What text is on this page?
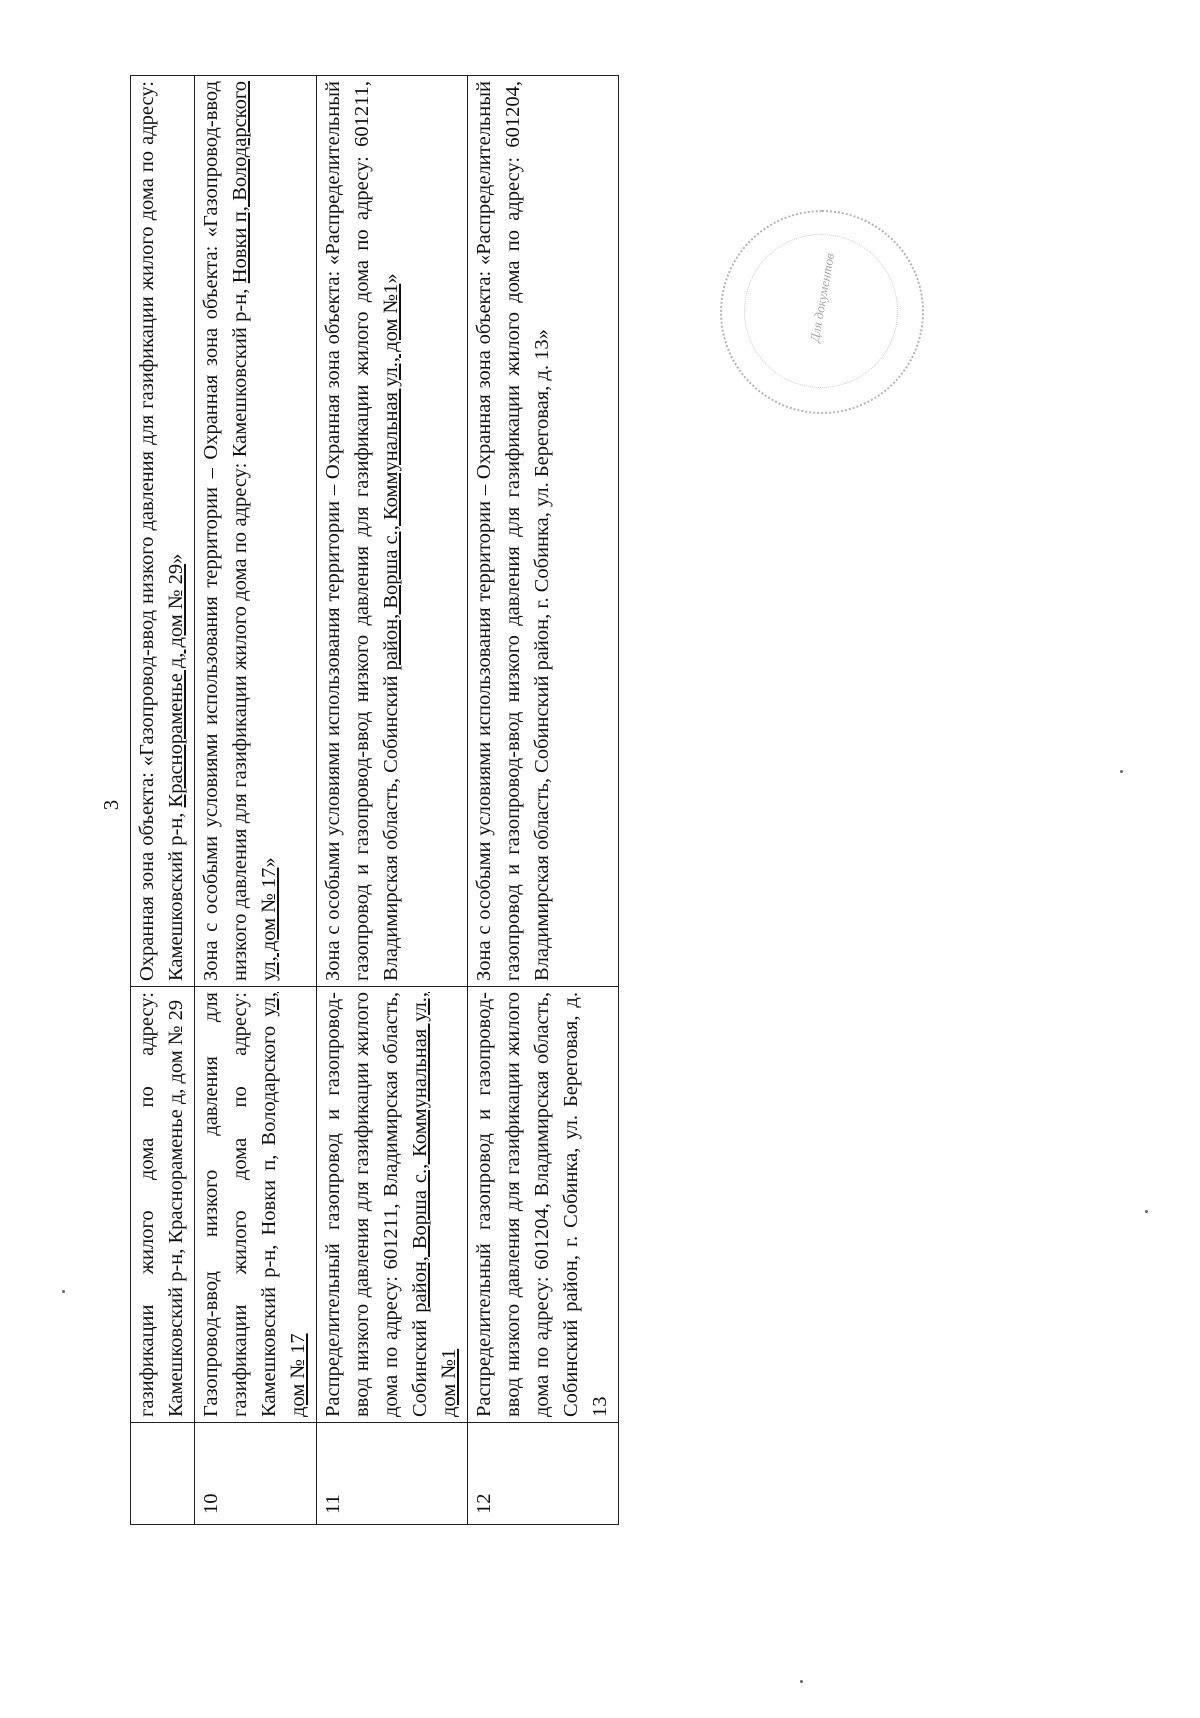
3
	газификации жилого дома по адресу: Камешковский р-н, Краснораменье д, дом № 29	Охранная зона объекта: «Газопровод-ввод низкого давления для газификации жилого дома по адресу: Камешковский р-н, Краснораменье д, дом № 29»
10	Газопровод-ввод низкого давления для газификации жилого дома по адресу: Камешковский р-н, Новки п, Володарского ул, дом № 17	Зона с особыми условиями использования территории – Охранная зона объекта: «Газопровод-ввод низкого давления для газификации жилого дома по адресу: Камешковский р-н, Новки п, Володарского ул, дом № 17»
11	Распределительный газопровод и газопровод-ввод низкого давления для газификации жилого дома по адресу: 601211, Владимирская область, Собинский район, Ворша с., Коммунальная ул., дом №1	Зона с особыми условиями использования территории – Охранная зона объекта: «Распределительный газопровод и газопровод-ввод низкого давления для газификации жилого дома по адресу: 601211, Владимирская область, Собинский район, Ворша с., Коммунальная ул., дом №1»
12	Распределительный газопровод и газопровод-ввод низкого давления для газификации жилого дома по адресу: 601204, Владимирская область, Собинский район, г. Собинка, ул. Береговая, д. 13	Зона с особыми условиями использования территории – Охранная зона объекта: «Распределительный газопровод и газопровод-ввод низкого давления для газификации жилого дома по адресу: 601204, Владимирская область, Собинский район, г. Собинка, ул. Береговая, д. 13»
Для документов
